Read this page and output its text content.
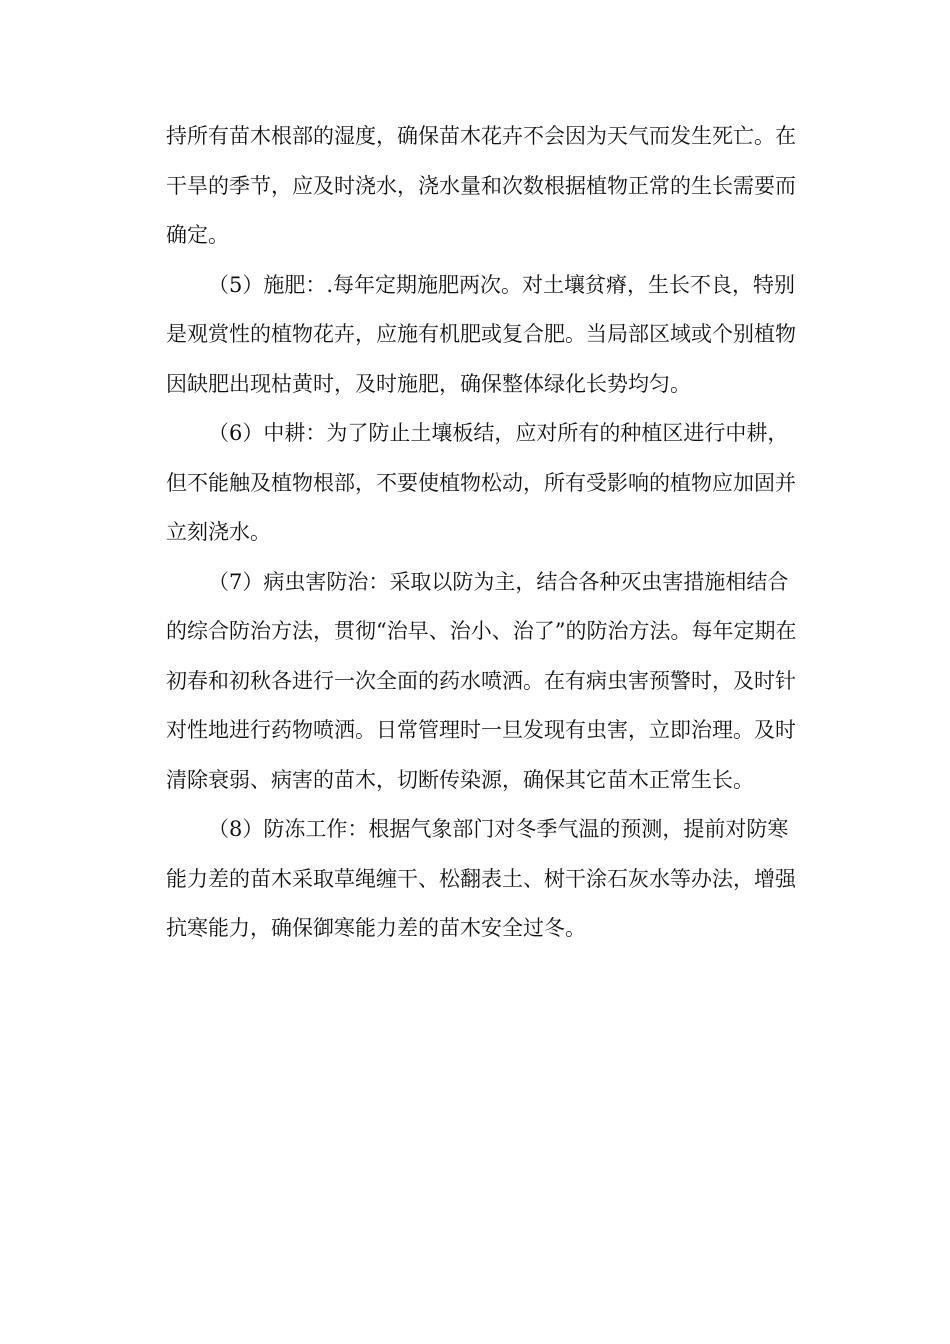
持所有苗木根部的湿度，确保苗木花卉不会因为天气而发生死亡。在干旱的季节，应及时浇水，浇水量和次数根据植物正常的生长需要而确定。

（5）施肥：.每年定期施肥两次。对土壤贫瘠，生长不良，特别是观赏性的植物花卉，应施有机肥或复合肥。当局部区域或个别植物因缺肥出现枯黄时，及时施肥，确保整体绿化长势均匀。

（6）中耕：为了防止土壤板结，应对所有的种植区进行中耕，但不能触及植物根部，不要使植物松动，所有受影响的植物应加固并立刻浇水。

（7）病虫害防治：采取以防为主，结合各种灭虫害措施相结合的综合防治方法，贯彻“治早、治小、治了”的防治方法。每年定期在初春和初秋各进行一次全面的药水喷洒。在有病虫害预警时，及时针对性地进行药物喷洒。日常管理时一旦发现有虫害，立即治理。及时清除衰弱、病害的苗木，切断传染源，确保其它苗木正常生长。

（8）防冻工作：根据气象部门对冬季气温的预测，提前对防寒能力差的苗木采取草绳缠干、松翻表土、树干涂石灰水等办法，增强抗寒能力，确保御寒能力差的苗木安全过冬。
